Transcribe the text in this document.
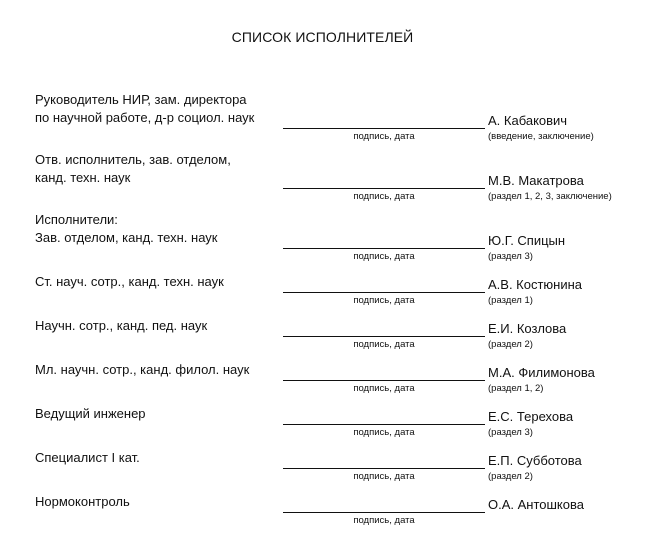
СПИСОК ИСПОЛНИТЕЛЕЙ
Руководитель НИР, зам. директора
по научной работе, д-р социол. наук
подпись, дата
А. Кабакович
(введение, заключение)
Отв. исполнитель, зав. отделом,
канд. техн. наук
подпись, дата
М.В. Макатрова
(раздел 1, 2, 3, заключение)
Исполнители:
Зав. отделом, канд. техн. наук
подпись, дата
Ю.Г. Спицын
(раздел 3)
Ст. науч. сотр., канд. техн. наук
подпись, дата
А.В. Костюнина
(раздел 1)
Научн. сотр., канд. пед. наук
подпись, дата
Е.И. Козлова
(раздел 2)
Мл. научн. сотр., канд. филол. наук
подпись, дата
М.А. Филимонова
(раздел 1, 2)
Ведущий инженер
подпись, дата
Е.С. Терехова
(раздел 3)
Специалист I кат.
подпись, дата
Е.П. Субботова
(раздел 2)
Нормоконтроль
подпись, дата
О.А. Антошкова
